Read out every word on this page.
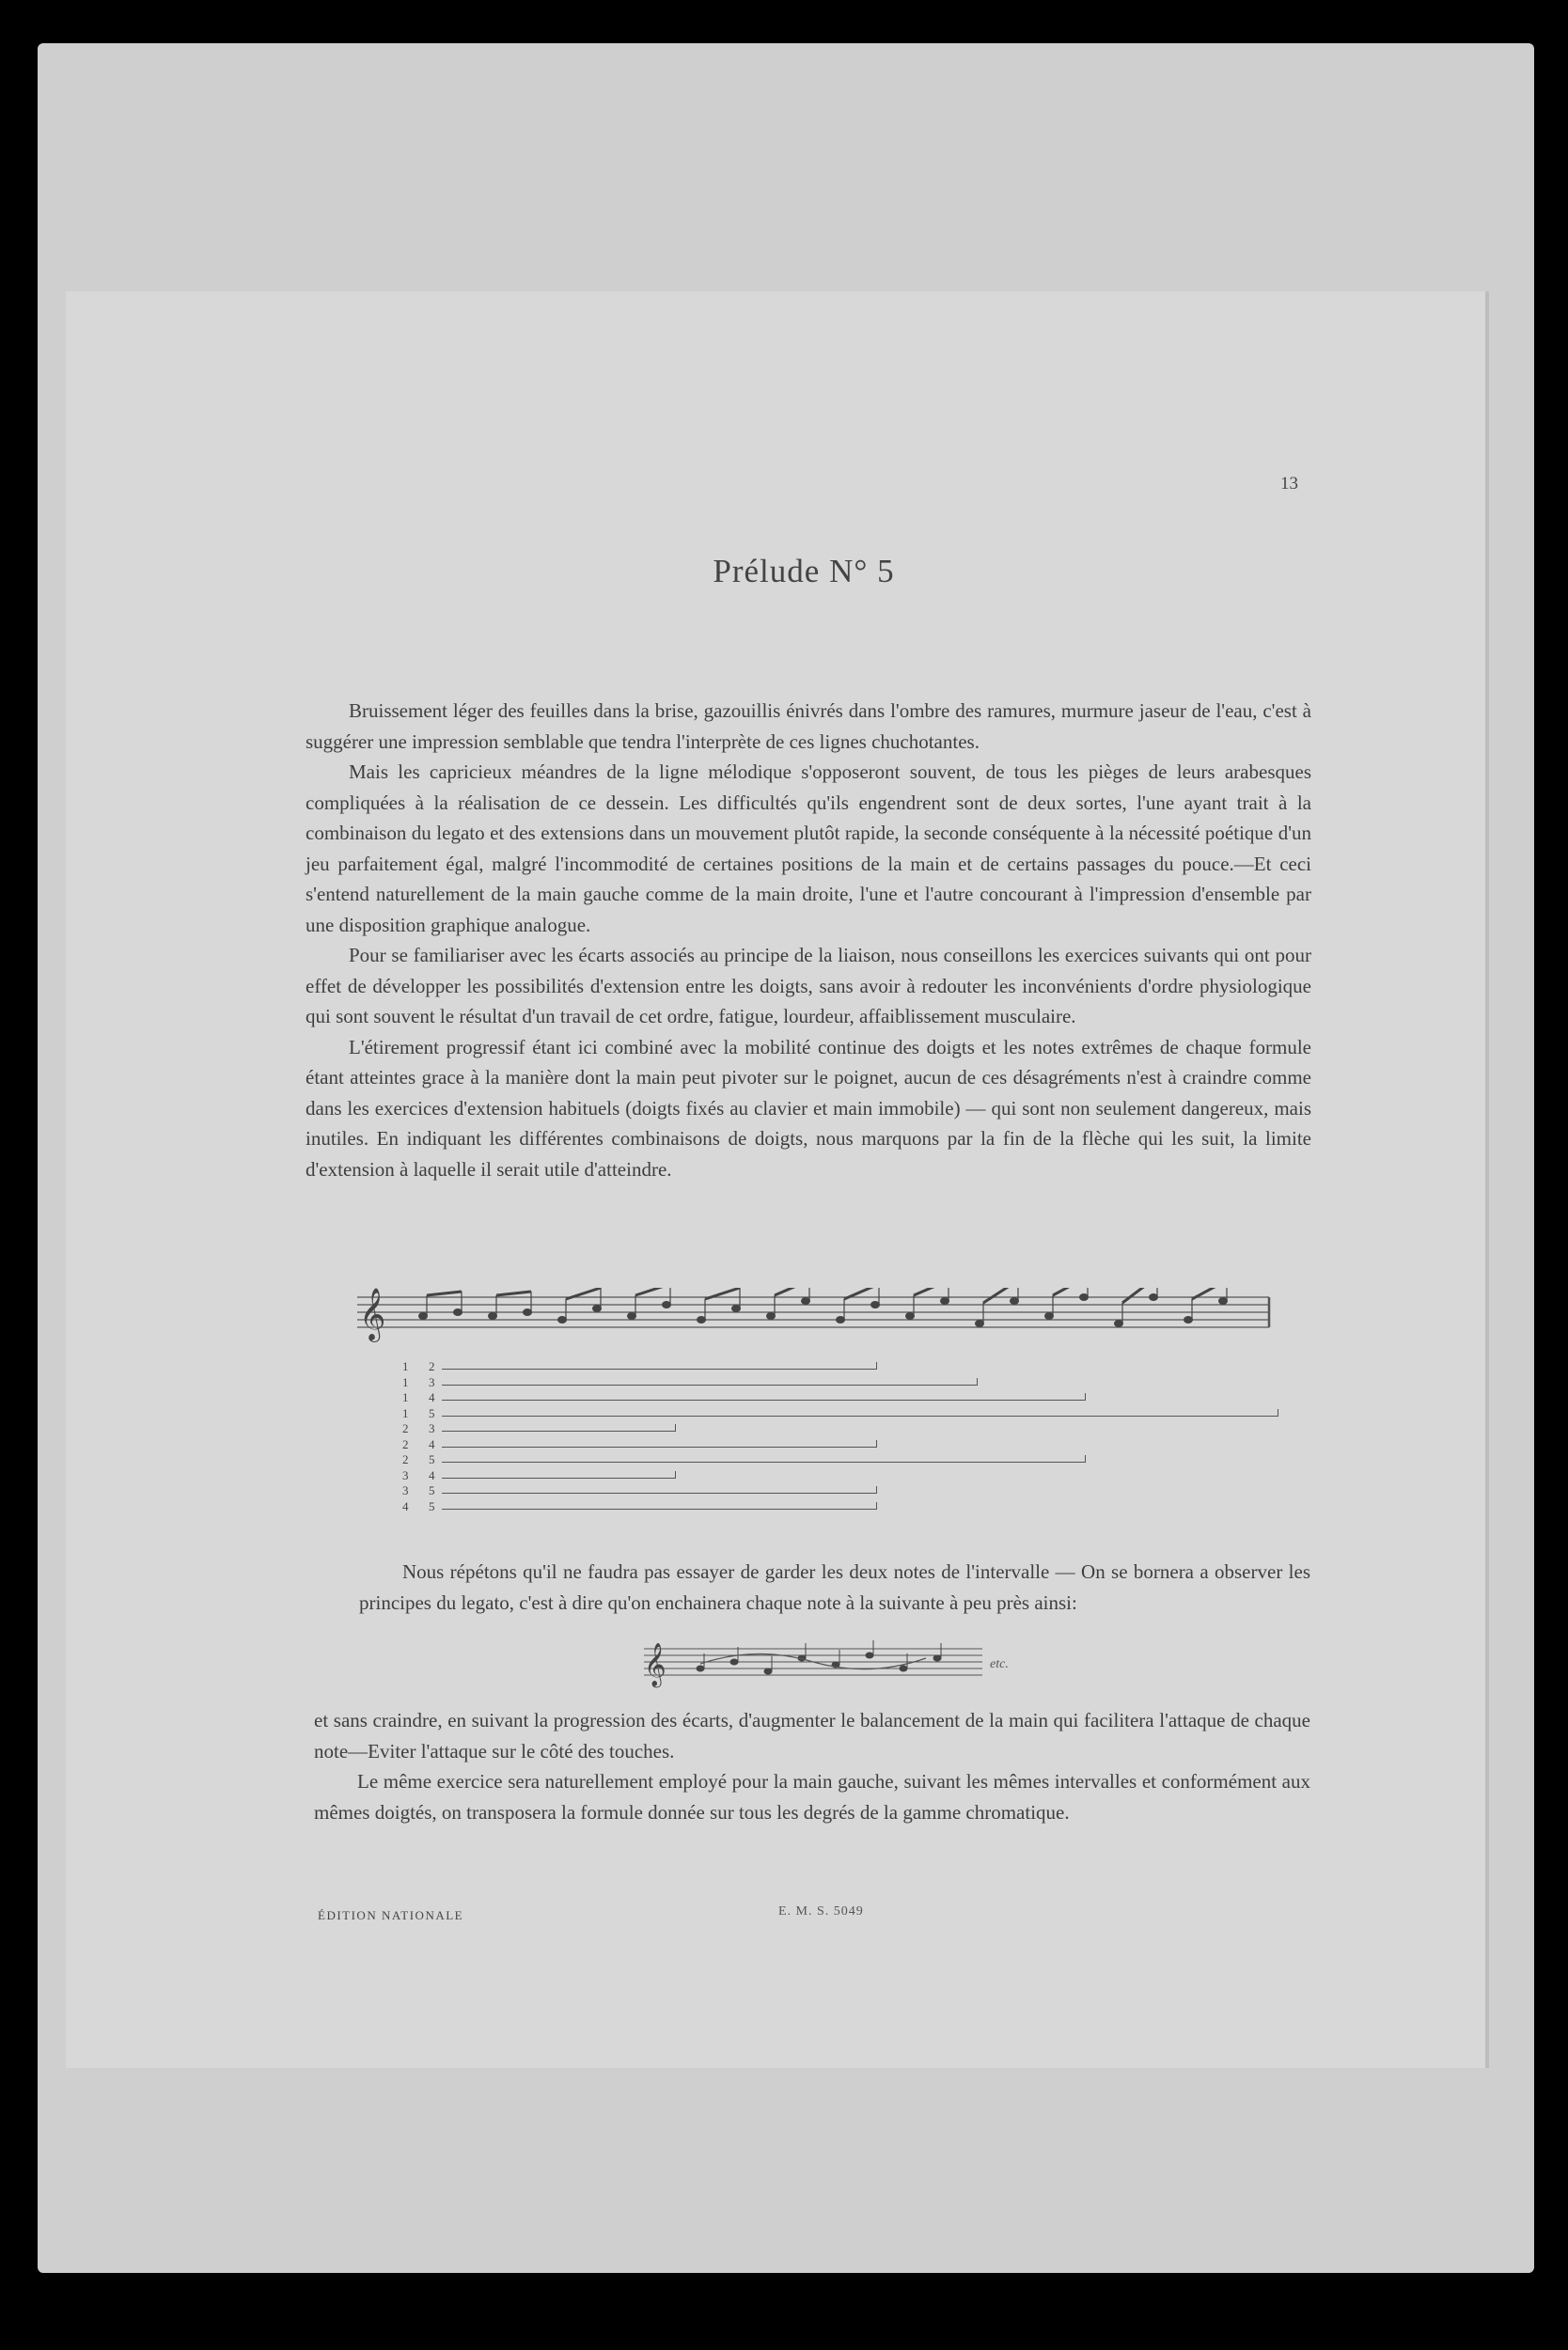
13
Prélude N° 5

Bruissement léger des feuilles dans la brise, gazouillis énivrés dans l'ombre des ramures, murmure jaseur de l'eau, c'est à suggérer une impression semblable que tendra l'interprète de ces lignes chuchotantes.

Mais les capricieux méandres de la ligne mélodique s'opposeront souvent, de tous les pièges de leurs arabesques compliquées à la réalisation de ce dessein. Les difficultés qu'ils engendrent sont de deux sortes, l'une ayant trait à la combinaison du legato et des extensions dans un mouvement plutôt rapide, la seconde conséquente à la nécessité poétique d'un jeu parfaitement égal, malgré l'incommodité de certaines positions de la main et de certains passages du pouce.—Et ceci s'entend naturellement de la main gauche comme de la main droite, l'une et l'autre concourant à l'impression d'ensemble par une disposition graphique analogue.

Pour se familiariser avec les écarts associés au principe de la liaison, nous conseillons les exercices suivants qui ont pour effet de développer les possibilités d'extension entre les doigts, sans avoir à redouter les inconvénients d'ordre physiologique qui sont souvent le résultat d'un travail de cet ordre, fatigue, lourdeur, affaiblissement musculaire.

L'étirement progressif étant ici combiné avec la mobilité continue des doigts et les notes extrêmes de chaque formule étant atteintes grace à la manière dont la main peut pivoter sur le poignet, aucun de ces désagréments n'est à craindre comme dans les exercices d'extension habituels (doigts fixés au clavier et main immobile) — qui sont non seulement dangereux, mais inutiles. En indiquant les différentes combinaisons de doigts, nous marquons par la fin de la flèche qui les suit, la limite d'extension à laquelle il serait utile d'atteindre.

𝄞
1 2
1 3
1 4
1 5
2 3
2 4
2 5
3 4
3 5
4 5

Nous répétons qu'il ne faudra pas essayer de garder les deux notes de l'intervalle — On se bornera a observer les principes du legato, c'est à dire qu'on enchainera chaque note à la suivante à peu près ainsi:

𝄞	etc.

et sans craindre, en suivant la progression des écarts, d'augmenter le balancement de la main qui facilitera l'attaque de chaque note—Eviter l'attaque sur le côté des touches.

Le même exercice sera naturellement employé pour la main gauche, suivant les mêmes intervalles et conformément aux mêmes doigtés, on transposera la formule donnée sur tous les degrés de la gamme chromatique.

ÉDITION NATIONALE	E. M. S. 5049
